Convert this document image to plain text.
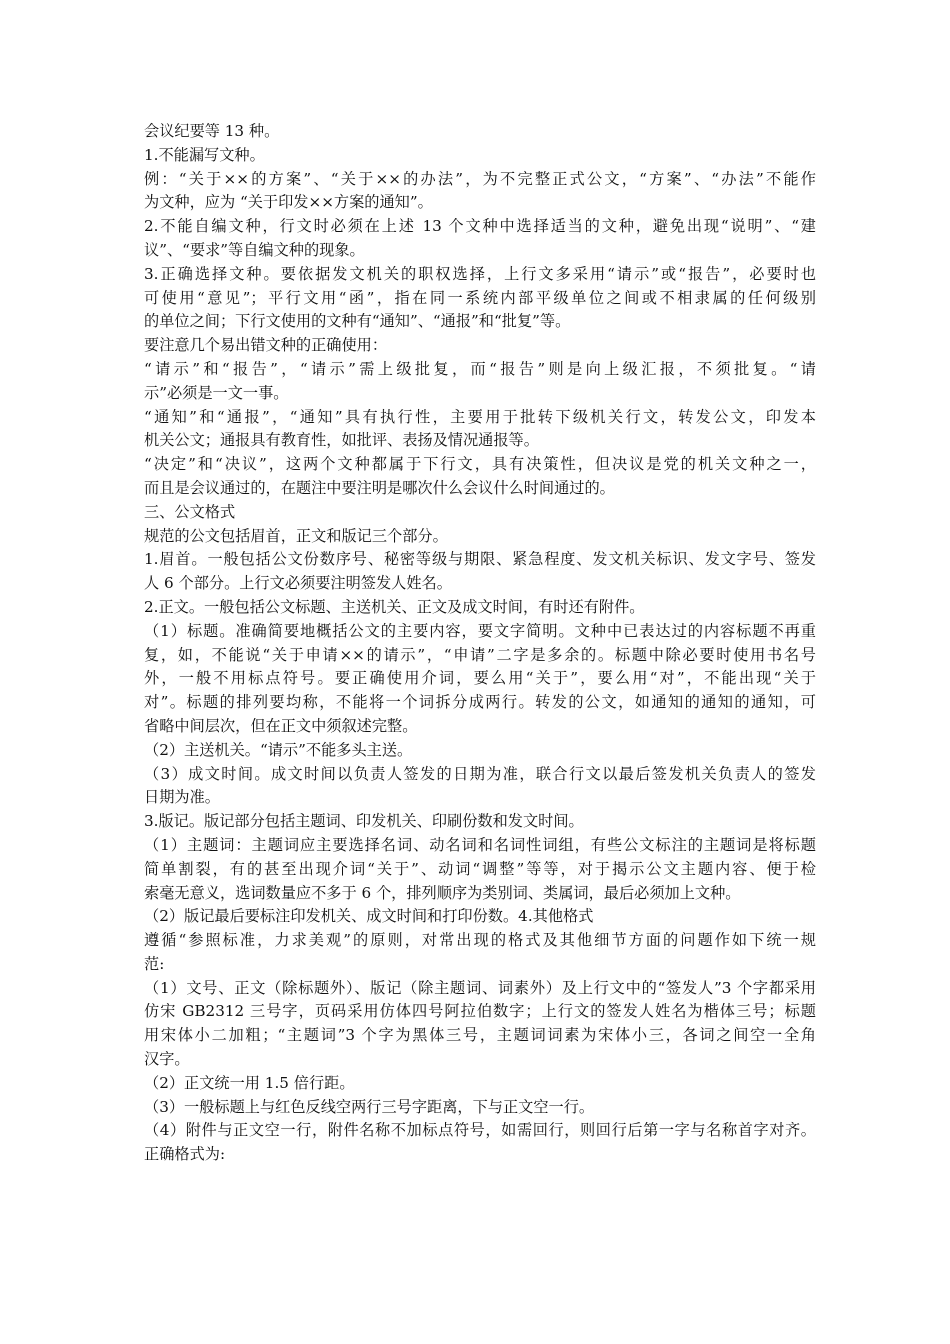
会议纪要等 13 种。

1.不能漏写文种。

例：“关于××的方案”、“关于××的办法”，为不完整正式公文，“方案”、“办法”不能作

为文种，应为 “关于印发××方案的通知”。

2.不能自编文种，行文时必须在上述 13 个文种中选择适当的文种，避免出现“说明”、“建

议”、“要求”等自编文种的现象。

3.正确选择文种。要依据发文机关的职权选择，上行文多采用“请示”或“报告”，必要时也

可使用“意见”；平行文用“函”，指在同一系统内部平级单位之间或不相隶属的任何级别

的单位之间；下行文使用的文种有“通知”、“通报”和“批复”等。

要注意几个易出错文种的正确使用：

“请示”和“报告”，“请示”需上级批复，而“报告”则是向上级汇报，不须批复。“请

示”必须是一文一事。

“通知”和“通报”，“通知”具有执行性，主要用于批转下级机关行文，转发公文，印发本

机关公文；通报具有教育性，如批评、表扬及情况通报等。

“决定”和“决议”，这两个文种都属于下行文，具有决策性，但决议是党的机关文种之一，

而且是会议通过的，在题注中要注明是哪次什么会议什么时间通过的。

三、公文格式

规范的公文包括眉首，正文和版记三个部分。

1.眉首。一般包括公文份数序号、秘密等级与期限、紧急程度、发文机关标识、发文字号、签发

人 6 个部分。上行文必须要注明签发人姓名。

2.正文。一般包括公文标题、主送机关、正文及成文时间，有时还有附件。

（1）标题。准确简要地概括公文的主要内容，要文字简明。文种中已表达过的内容标题不再重

复，如，不能说“关于申请××的请示”，“申请”二字是多余的。标题中除必要时使用书名号

外，一般不用标点符号。要正确使用介词，要么用“关于”，要么用“对”，不能出现“关于

对”。标题的排列要均称，不能将一个词拆分成两行。转发的公文，如通知的通知的通知，可

省略中间层次，但在正文中须叙述完整。

（2）主送机关。“请示”不能多头主送。

（3）成文时间。成文时间以负责人签发的日期为准，联合行文以最后签发机关负责人的签发

日期为准。

3.版记。版记部分包括主题词、印发机关、印刷份数和发文时间。

（1）主题词：主题词应主要选择名词、动名词和名词性词组，有些公文标注的主题词是将标题

简单割裂，有的甚至出现介词“关于”、动词“调整”等等，对于揭示公文主题内容、便于检

索毫无意义，选词数量应不多于 6 个，排列顺序为类别词、类属词，最后必须加上文种。

（2）版记最后要标注印发机关、成文时间和打印份数。4.其他格式

遵循“参照标准，力求美观”的原则，对常出现的格式及其他细节方面的问题作如下统一规

范:

（1）文号、正文（除标题外）、版记（除主题词、词素外）及上行文中的“签发人”3 个字都采用

仿宋 GB2312 三号字，页码采用仿体四号阿拉伯数字；上行文的签发人姓名为楷体三号；标题

用宋体小二加粗；“主题词”3 个字为黑体三号，主题词词素为宋体小三，各词之间空一全角

汉字。

（2）正文统一用 1.5 倍行距。

（3）一般标题上与红色反线空两行三号字距离，下与正文空一行。

（4）附件与正文空一行，附件名称不加标点符号，如需回行，则回行后第一字与名称首字对齐。

正确格式为:
